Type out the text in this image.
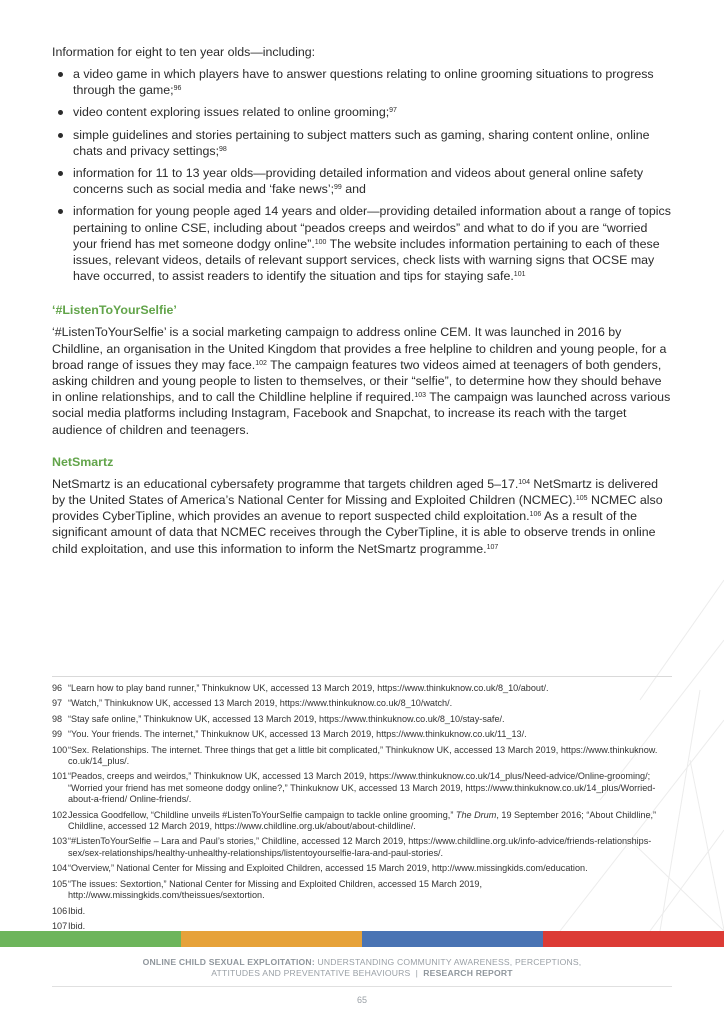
Information for eight to ten year olds—including:

a video game in which players have to answer questions relating to online grooming situations to progress through the game;$^{96}$
video content exploring issues related to online grooming;$^{97}$
simple guidelines and stories pertaining to subject matters such as gaming, sharing content online, online chats and privacy settings;$^{98}$
information for 11 to 13 year olds—providing detailed information and videos about general online safety concerns such as social media and ‘fake news’;$^{99}$ and
information for young people aged 14 years and older—providing detailed information about a range of topics pertaining to online CSE, including about “peados creeps and weirdos” and what to do if you are “worried your friend has met someone dodgy online”.$^{100}$ The website includes information pertaining to each of these issues, relevant videos, details of relevant support services, check lists with warning signs that OCSE may have occurred, to assist readers to identify the situation and tips for staying safe.$^{101}$
‘#ListenToYourSelfie’

‘#ListenToYourSelfie’ is a social marketing campaign to address online CEM. It was launched in 2016 by Childline, an organisation in the United Kingdom that provides a free helpline to children and young people, for a broad range of issues they may face.$^{102}$ The campaign features two videos aimed at teenagers of both genders, asking children and young people to listen to themselves, or their “selfie”, to determine how they should behave in online relationships, and to call the Childline helpline if required.$^{103}$ The campaign was launched across various social media platforms including Instagram, Facebook and Snapchat, to increase its reach with the target audience of children and teenagers.

NetSmartz

NetSmartz is an educational cybersafety programme that targets children aged 5–17.$^{104}$ NetSmartz is delivered by the United States of America’s National Center for Missing and Exploited Children (NCMEC).$^{105}$ NCMEC also provides CyberTipline, which provides an avenue to report suspected child exploitation.$^{106}$ As a result of the significant amount of data that NCMEC receives through the CyberTipline, it is able to observe trends in online child exploitation, and use this information to inform the NetSmartz programme.$^{107}$

96 “Learn how to play band runner,” Thinkuknow UK, accessed 13 March 2019, https://www.thinkuknow.co.uk/8_10/about/.
97 “Watch,” Thinkuknow UK, accessed 13 March 2019, https://www.thinkuknow.co.uk/8_10/watch/.
98 “Stay safe online,” Thinkuknow UK, accessed 13 March 2019, https://www.thinkuknow.co.uk/8_10/stay-safe/.
99 “You. Your friends. The internet,” Thinkuknow UK, accessed 13 March 2019, https://www.thinkuknow.co.uk/11_13/.
100 “Sex. Relationships. The internet. Three things that get a little bit complicated,” Thinkuknow UK, accessed 13 March 2019, https://www.thinkuknow. co.uk/14_plus/.
101 “Peados, creeps and weirdos,” Thinkuknow UK, accessed 13 March 2019, https://www.thinkuknow.co.uk/14_plus/Need-advice/Online-grooming/; “Worried your friend has met someone dodgy online?,” Thinkuknow UK, accessed 13 March 2019, https://www.thinkuknow.co.uk/14_plus/Worried-about-a-friend/ Online-friends/.
102 Jessica Goodfellow, “Childline unveils #ListenToYourSelfie campaign to tackle online grooming,” The Drum, 19 September 2016; “About Childline,” Childline, accessed 12 March 2019, https://www.childline.org.uk/about/about-childline/.
103 “#ListenToYourSelfie – Lara and Paul’s stories,” Childline, accessed 12 March 2019, https://www.childline.org.uk/info-advice/friends-relationships-sex/sex-relationships/healthy-unhealthy-relationships/listentoyourselfie-lara-and-paul-stories/.
104 “Overview,” National Center for Missing and Exploited Children, accessed 15 March 2019, http://www.missingkids.com/education.
105 “The issues: Sextortion,” National Center for Missing and Exploited Children, accessed 15 March 2019, http://www.missingkids.com/theissues/sextortion.
106 Ibid.
107 Ibid.
ONLINE CHILD SEXUAL EXPLOITATION: UNDERSTANDING COMMUNITY AWARENESS, PERCEPTIONS,
ATTITUDES AND PREVENTATIVE BEHAVIOURS | RESEARCH REPORT
65
